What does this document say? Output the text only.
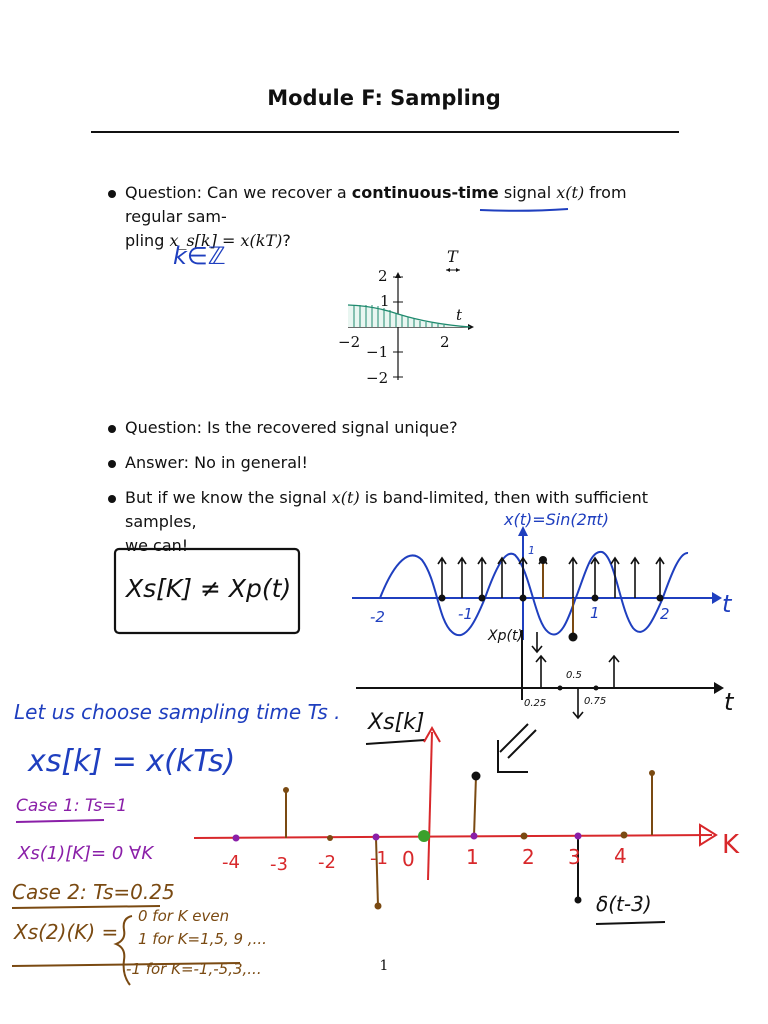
Module F: Sampling
Question: Can we recover a continuous-time signal x(t) from regular sam-
pling x_s[k] = x(kT)?
Question: Is the recovered signal unique?
Answer: No in general!
But if we know the signal x(t) is band-limited, then with sufficient samples,
we can!
T
t
2
1
−1
−2
−2	2
k∈ℤ
Xs[K] ≠ Xp(t)
x(t)=Sin(2πt)
1
-2	-1	1	2 t
Xp(t)
0.25
0.5
0.75	t
Let us choose sampling time Ts .
xs[k] = x(kTs)
Xs[k]
Case 1: Ts=1
Xs(1)[K]= 0 ∀K
Case 2: Ts=0.25
Xs(2)(K) =
0 for K even
1 for K=1,5, 9 ,...
-1 for K=-1,-5,3,...
-4 -3 -2 -1 0	1 2 3 4	K
δ(t-3)
1
